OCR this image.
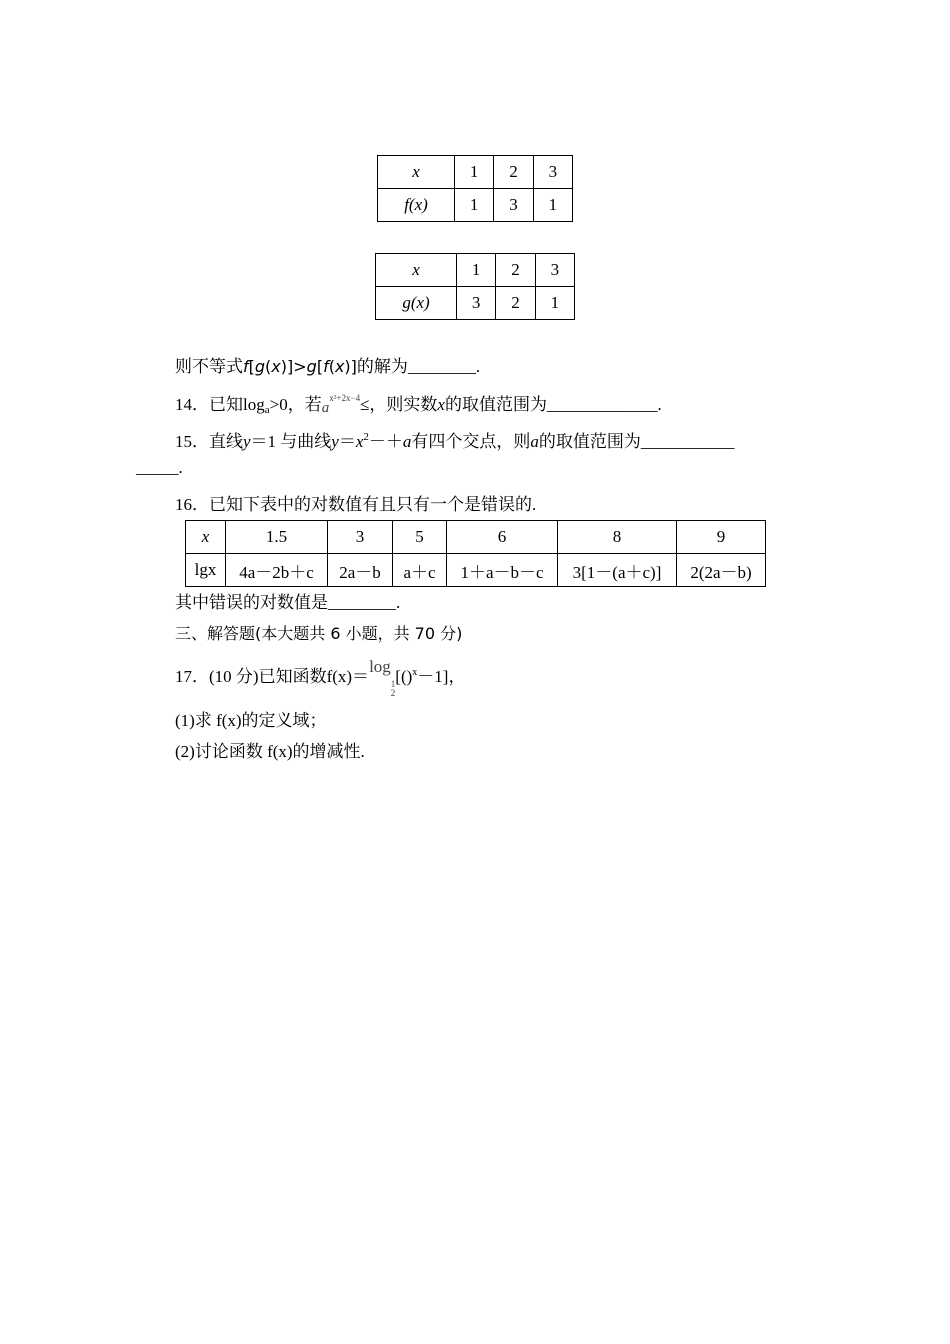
x	1	2	3
f(x)	1	3	1
x	1	2	3
g(x)	3	2	1
则不等式f[g(x)]>g[f(x)]的解为________.
14．已知loga>0，若$a^{x^2+2x-4}\le$，则实数x的取值范围为_____________.
15．直线y＝1 与曲线$y=x^2-+a$有四个交点，则a的取值范围为___________
_____.
16．已知下表中的对数值有且只有一个是错误的.
x	1.5	3	5	6	8	9
lgx	4a－2b＋c	2a－b	a＋c	1＋a－b－c	3[1－(a＋c)]	2(2a－b)
其中错误的对数值是________.
三、解答题(本大题共 6 小题，共 70 分)
17．(10 分)已知函数f(x)＝log1
2[()$^x$－1]，
(1)求 f(x)的定义域；
(2)讨论函数 f(x)的增减性.
